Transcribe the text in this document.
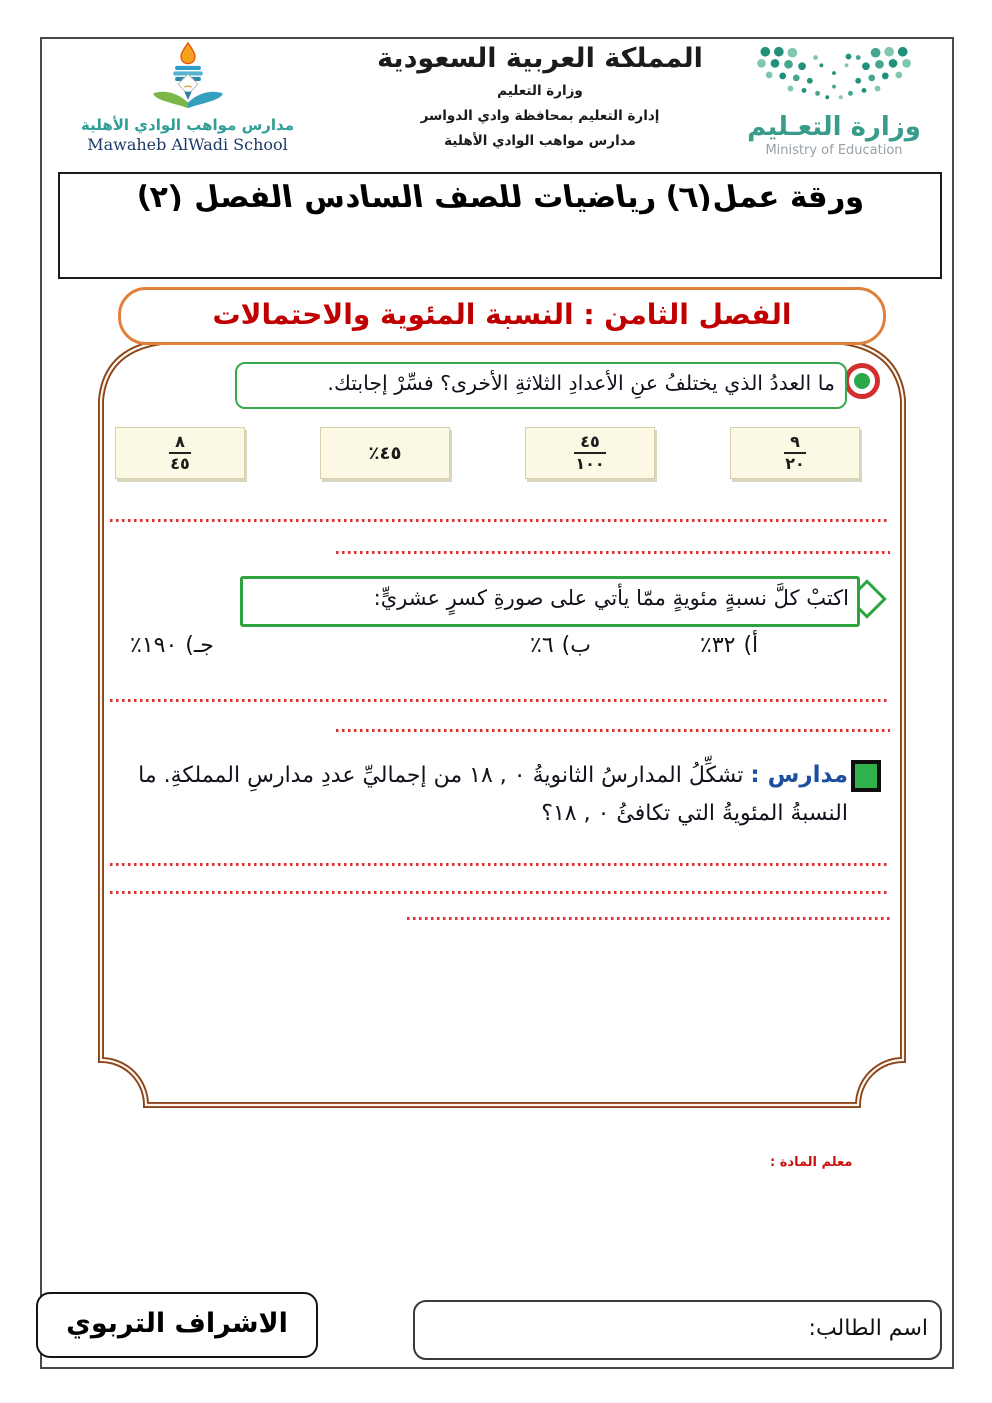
مدارس مواهب الوادي الأهلية
Mawaheb AlWadi School
المملكة العربية السعودية
وزارة التعليم
إدارة التعليم بمحافظة وادي الدواسر
مدارس مواهب الوادي الأهلية	وزارة التعـليم
Ministry of Education
ورقة عمل(٦) رياضيات للصف السادس الفصل (٢)
الفصل الثامن : النسبة المئوية والاحتمالات
ما العددُ الذي يختلفُ عنِ الأعدادِ الثلاثةِ الأخرى؟ فسِّرْ إجابتك.
$\frac{٩}{٢٠}$
$\frac{٤٥}{١٠٠}$
٤٥٪
$\frac{٨}{٤٥}$
اكتبْ كلَّ نسبةٍ مئويةٍ ممّا يأتي على صورةِ كسرٍ عشريٍّ:
أ)٣٢٪
ب)٦٪
جـ)١٩٠٪
مدارس : تشكِّلُ المدارسُ الثانويةُ ٠ , ١٨ من إجماليِّ عددِ مدارسِ المملكةِ. ما النسبةُ المئويةُ التي تكافئُ ٠ , ١٨؟
معلم المادة :
الاشراف التربوي	اسم الطالب:
